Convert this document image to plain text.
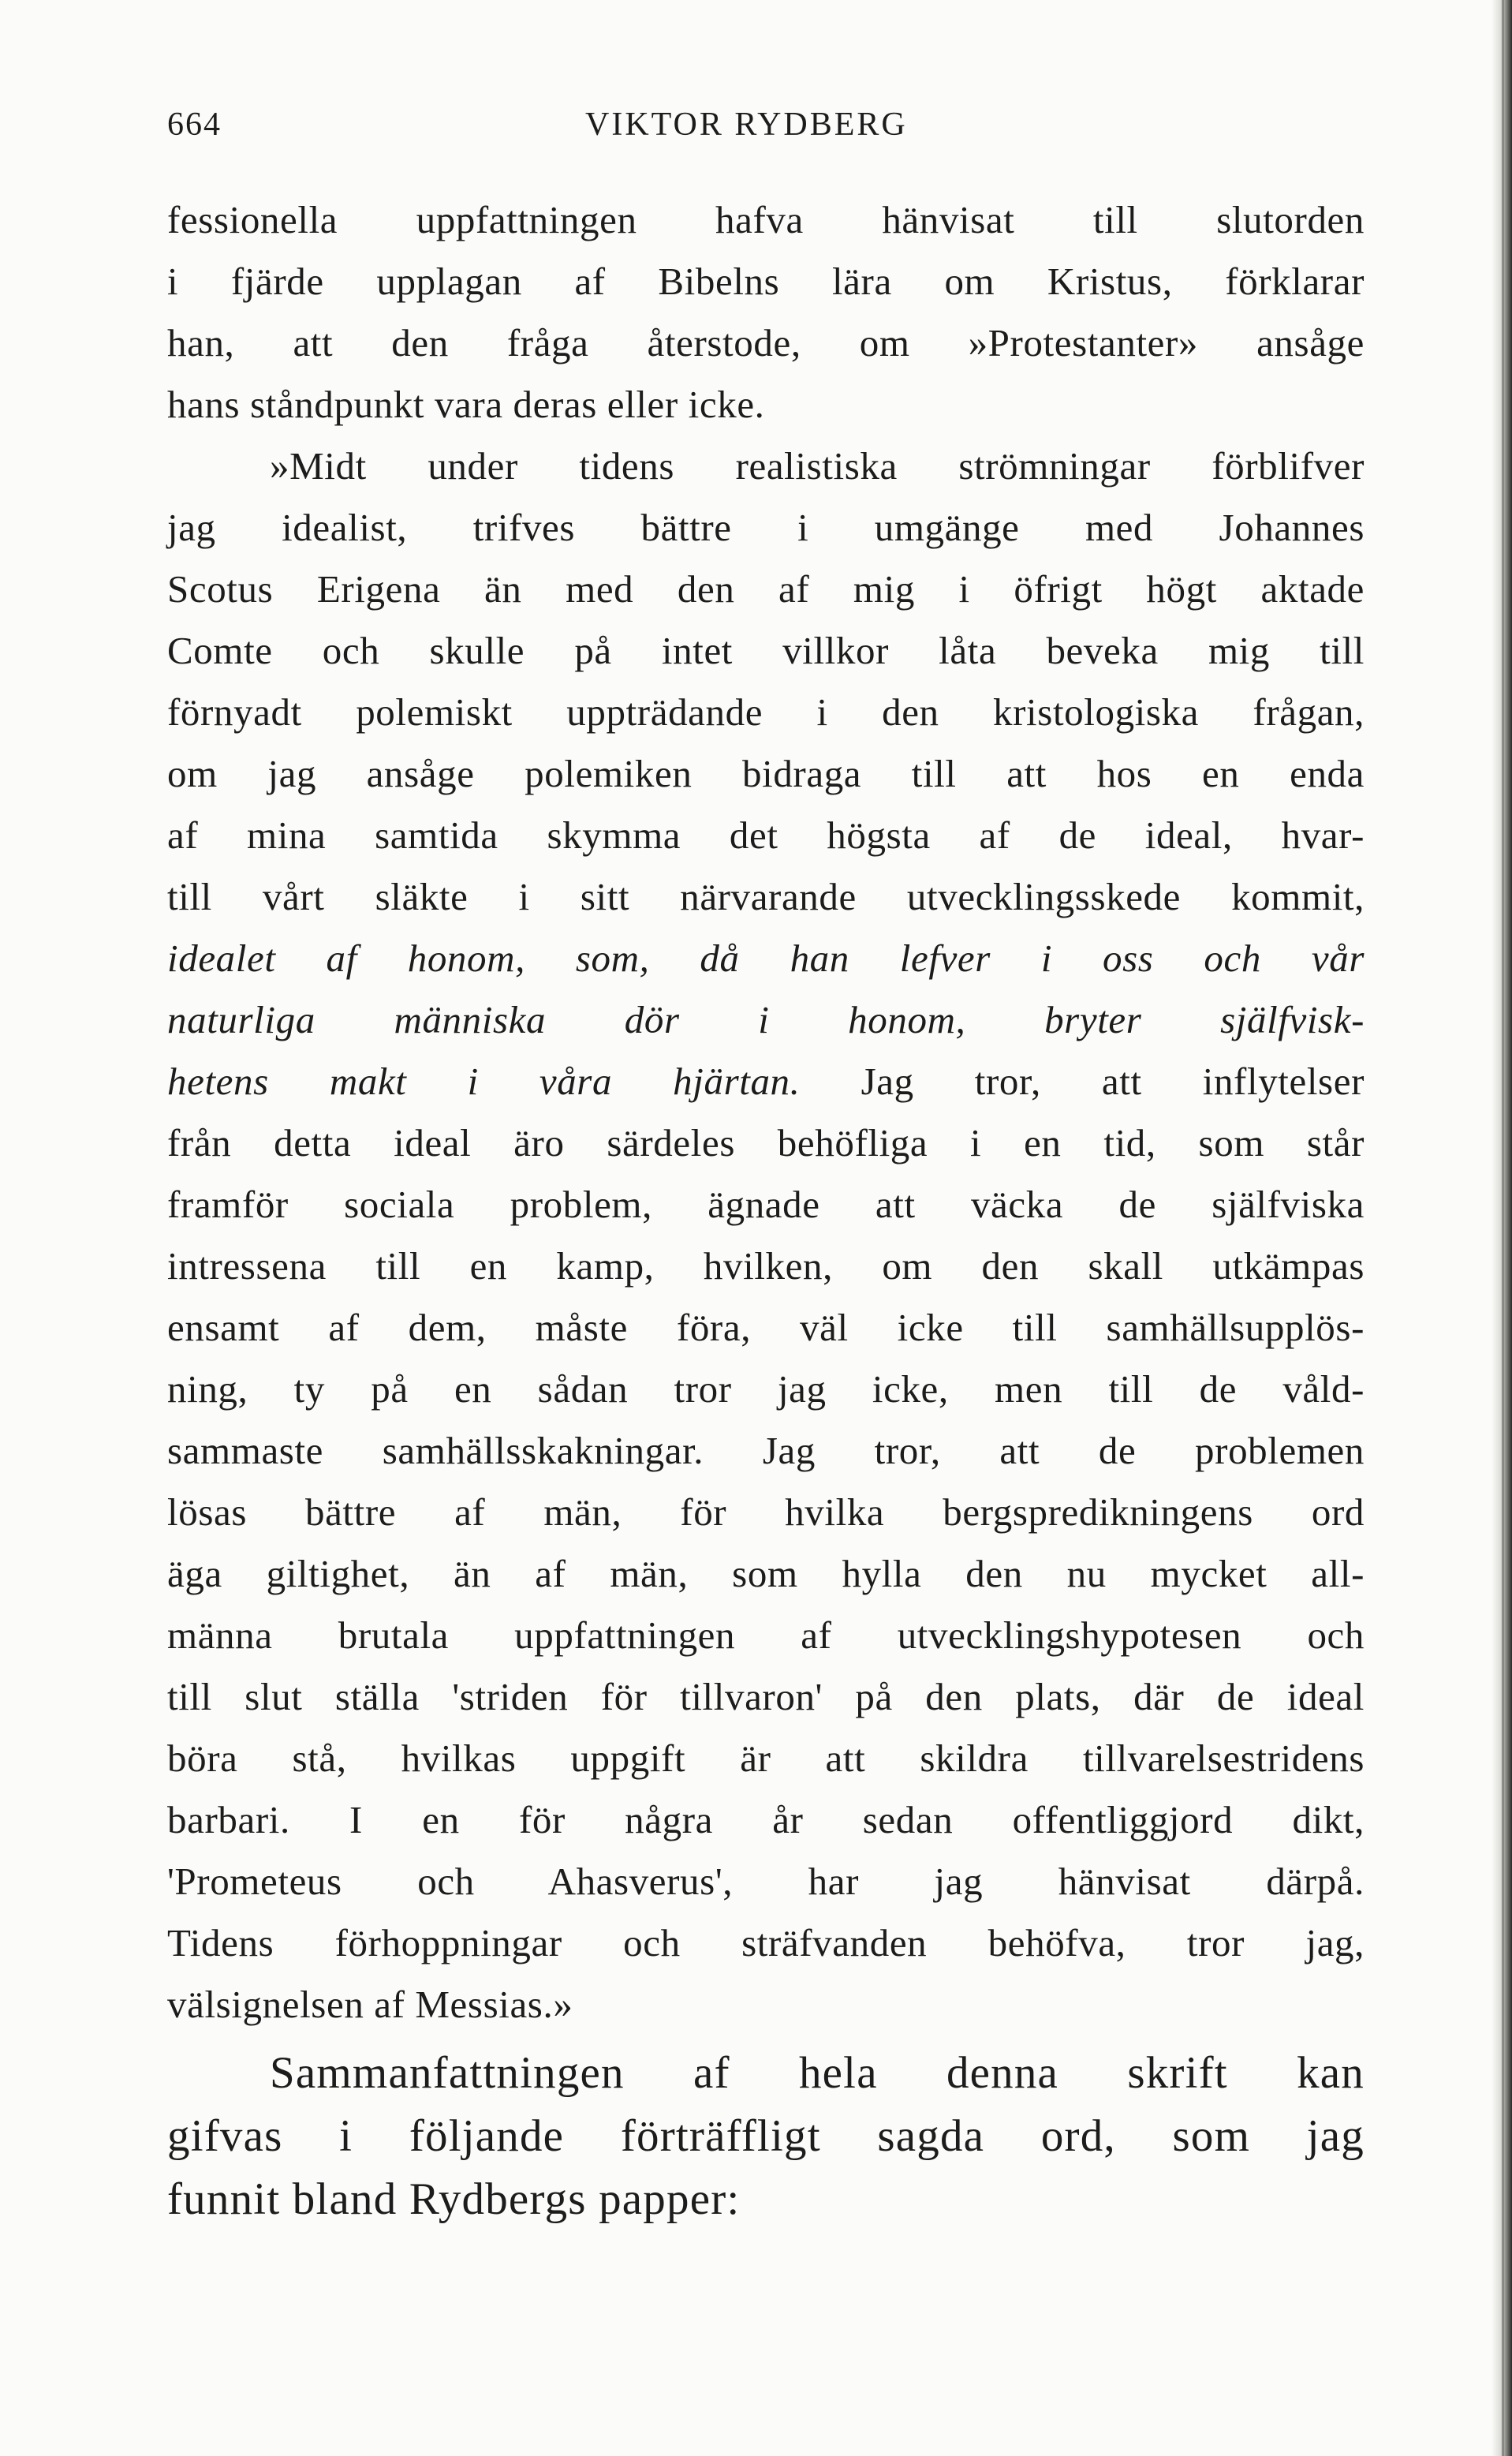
664	VIKTOR RYDBERG
fessionella uppfattningen hafva hänvisat till slutorden
i fjärde upplagan af Bibelns lära om Kristus, förklarar
han, att den fråga återstode, om »Protestanter» ansåge
hans ståndpunkt vara deras eller icke.
»Midt under tidens realistiska strömningar förblifver
jag idealist, trifves bättre i umgänge med Johannes
Scotus Erigena än med den af mig i öfrigt högt aktade
Comte och skulle på intet villkor låta beveka mig till
förnyadt polemiskt uppträdande i den kristologiska frågan,
om jag ansåge polemiken bidraga till att hos en enda
af mina samtida skymma det högsta af de ideal, hvar-
till vårt släkte i sitt närvarande utvecklingsskede kommit,
idealet af honom, som, då han lefver i oss och vår
naturliga människa dör i honom, bryter själfvisk-
hetens makt i våra hjärtan. Jag tror, att inflytelser
från detta ideal äro särdeles behöfliga i en tid, som står
framför sociala problem, ägnade att väcka de själfviska
intressena till en kamp, hvilken, om den skall utkämpas
ensamt af dem, måste föra, väl icke till samhällsupplös-
ning, ty på en sådan tror jag icke, men till de våld-
sammaste samhällsskakningar. Jag tror, att de problemen
lösas bättre af män, för hvilka bergspredikningens ord
äga giltighet, än af män, som hylla den nu mycket all-
männa brutala uppfattningen af utvecklingshypotesen och
till slut ställa 'striden för tillvaron' på den plats, där de ideal
böra stå, hvilkas uppgift är att skildra tillvarelsestridens
barbari. I en för några år sedan offentliggjord dikt,
'Prometeus och Ahasverus', har jag hänvisat därpå.
Tidens förhoppningar och sträfvanden behöfva, tror jag,
välsignelsen af Messias.»
Sammanfattningen af hela denna skrift kan
gifvas i följande förträffligt sagda ord, som jag
funnit bland Rydbergs papper:
